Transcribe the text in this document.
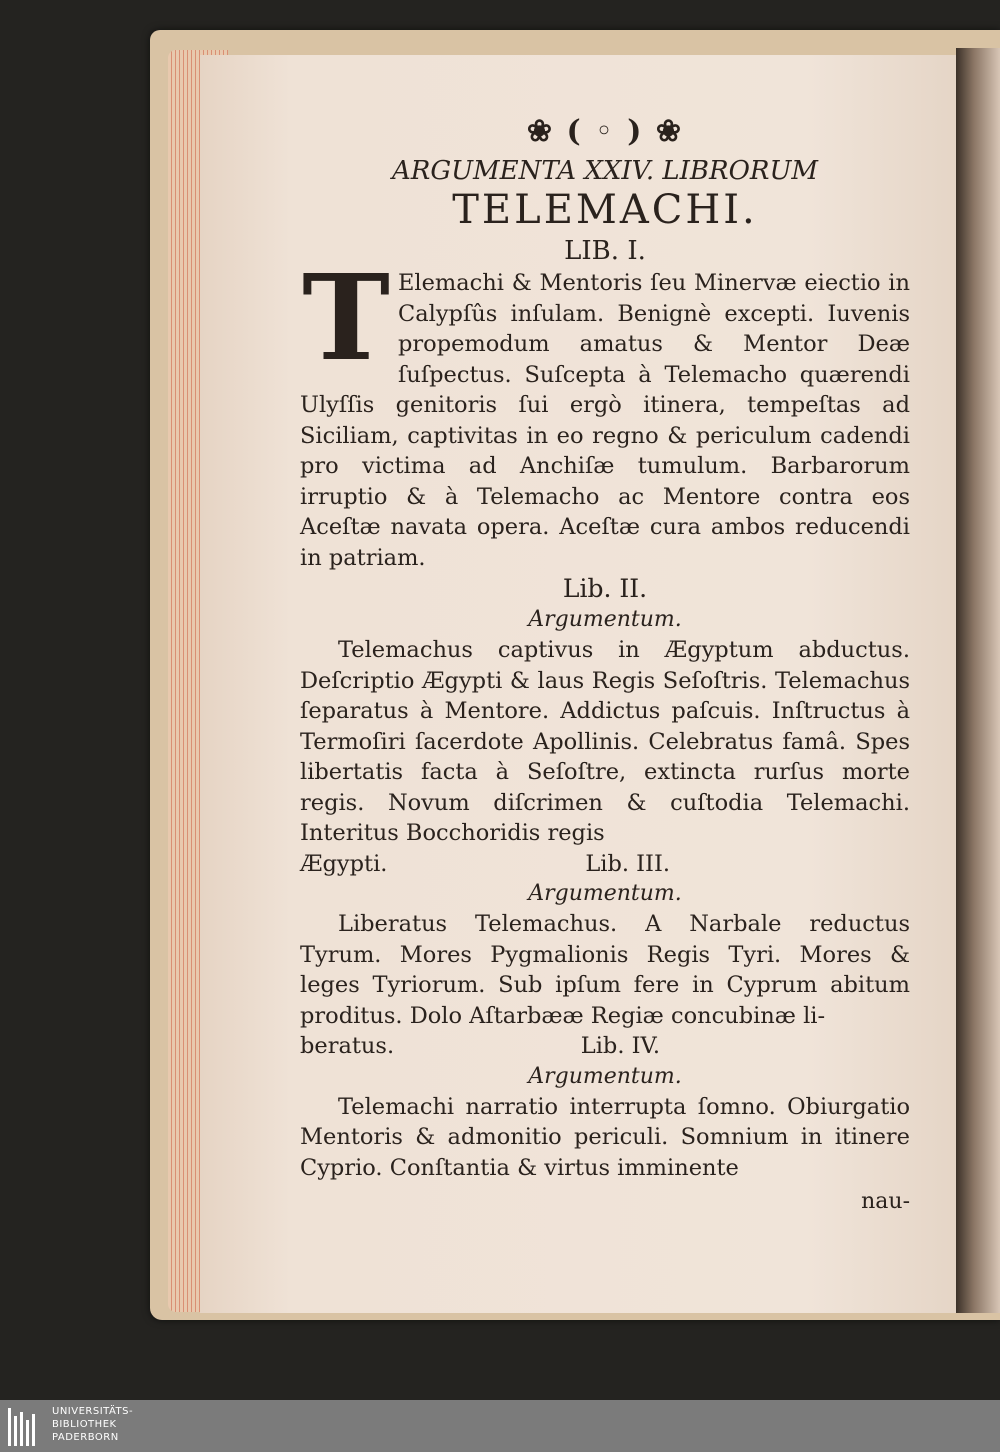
❀ ( ◦ ) ❀
ARGUMENTA XXIV. LIBRORUM
TELEMACHI.
LIB. I.
T Elemachi & Mentoris ſeu Minervæ eiectio in Calypſûs inſulam. Benignè excepti. Iuvenis propemodum amatus & Mentor Deæ ſuſpectus. Suſcepta à Telemacho quærendi Ulyſſis genitoris ſui ergò itinera, tempeſtas ad Siciliam, captivitas in eo regno & periculum cadendi pro victima ad Anchiſæ tumulum. Barbarorum irruptio & à Telemacho ac Mentore contra eos Aceſtæ navata opera. Aceſtæ cura ambos reducendi in patriam.
Lib. II.
Argumentum.
Telemachus captivus in Ægyptum abductus. Deſcriptio Ægypti & laus Regis Seſoſtris. Telemachus ſeparatus à Mentore. Addictus paſcuis. Inſtructus à Termoſiri ſacerdote Apollinis. Celebratus famâ. Spes libertatis facta à Seſoſtre, extincta rurſus morte regis. Novum diſcrimen & cuſtodia Telemachi. Interitus Bocchoridis regis
Ægypti.	Lib. III.
Argumentum.
Liberatus Telemachus. A Narbale reductus Tyrum. Mores Pygmalionis Regis Tyri. Mores & leges Tyriorum. Sub ipſum fere in Cyprum abitum proditus. Dolo Aſtarbææ Regiæ concubinæ li-
beratus.	Lib. IV.
Argumentum.
Telemachi narratio interrupta ſomno. Obiurgatio Mentoris & admonitio periculi. Somnium in itinere Cyprio. Conſtantia & virtus imminente
nau-
UNIVERSITÄTS-
BIBLIOTHEK
PADERBORN
